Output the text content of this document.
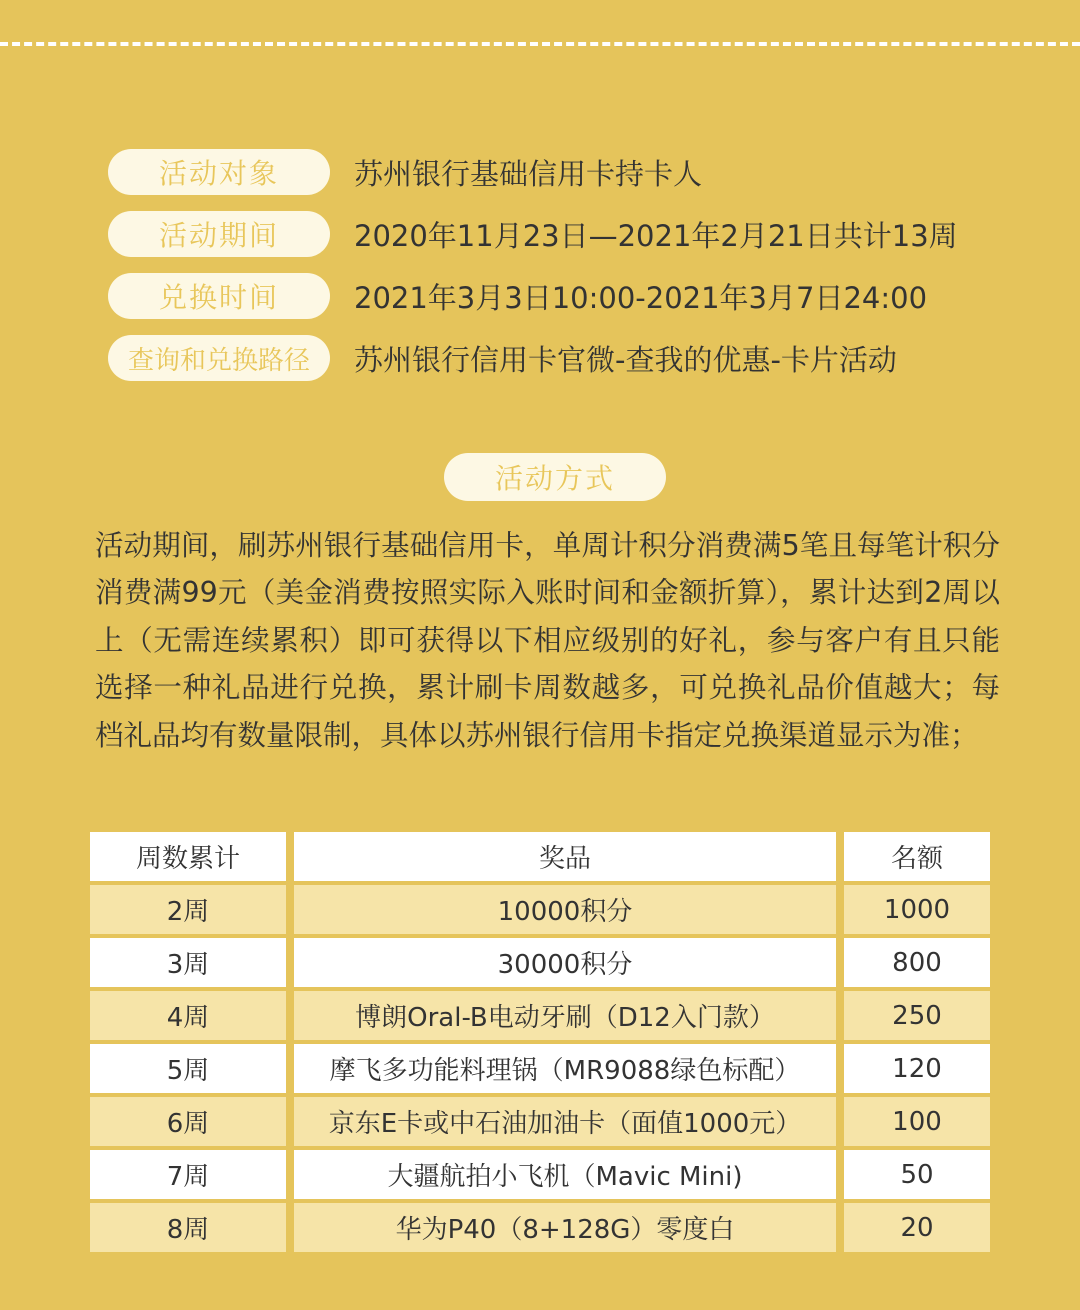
活动对象	苏州银行基础信用卡持卡人
活动期间	2020年11月23日—2021年2月21日共计13周
兑换时间	2021年3月3日10:00-2021年3月7日24:00
查询和兑换路径	苏州银行信用卡官微-查我的优惠-卡片活动
活动方式

活动期间，刷苏州银行基础信用卡，单周计积分消费满5笔且每笔计积分消费满99元（美金消费按照实际入账时间和金额折算），累计达到2周以上（无需连续累积）即可获得以下相应级别的好礼，参与客户有且只能选择一种礼品进行兑换，累计刷卡周数越多，可兑换礼品价值越大；每档礼品均有数量限制，具体以苏州银行信用卡指定兑换渠道显示为准；

周数累计	奖品	名额
2周	10000积分	1000
3周	30000积分	800
4周	博朗Oral-B电动牙刷（D12入门款）	250
5周	摩飞多功能料理锅（MR9088绿色标配）	120
6周	京东E卡或中石油加油卡（面值1000元）	100
7周	大疆航拍小飞机（Mavic Mini)	50
8周	华为P40（8+128G）零度白	20
